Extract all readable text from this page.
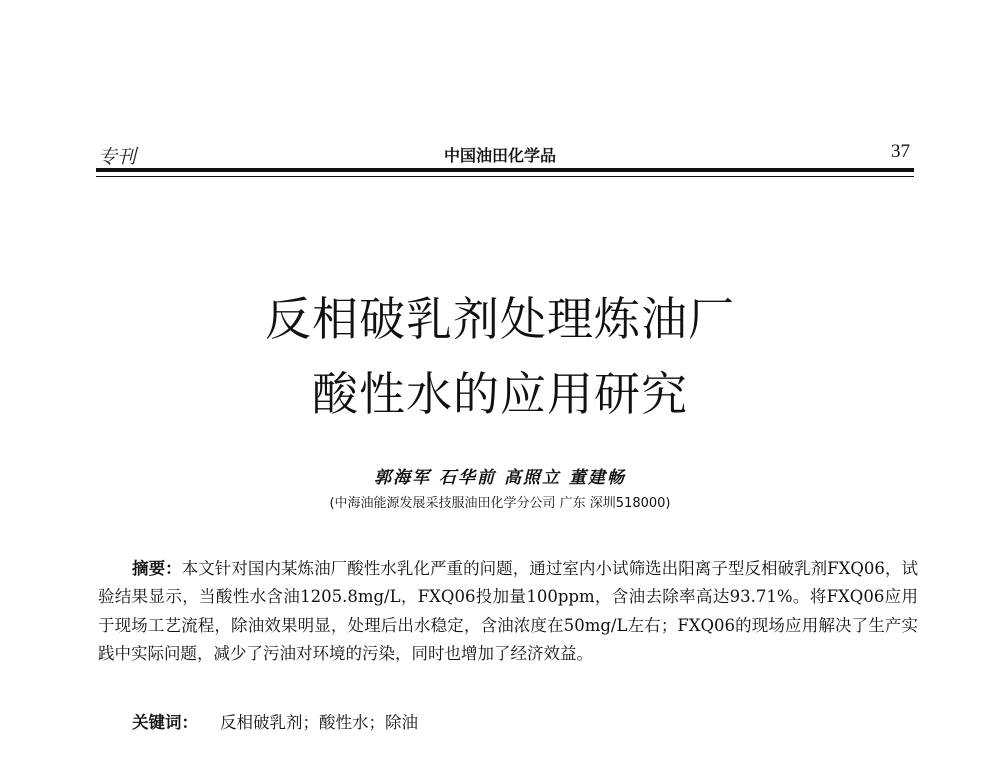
专刊	中国油田化学品	37
反相破乳剂处理炼油厂
酸性水的应用研究
郭海军 石华前 高照立 董建畅
(中海油能源发展采技服油田化学分公司 广东 深圳518000)
摘要：本文针对国内某炼油厂酸性水乳化严重的问题，通过室内小试筛选出阳离子型反相破乳剂FXQ06，试验结果显示，当酸性水含油1205.8mg/L，FXQ06投加量100ppm，含油去除率高达93.71%。将FXQ06应用于现场工艺流程，除油效果明显，处理后出水稳定，含油浓度在50mg/L左右；FXQ06的现场应用解决了生产实践中实际问题，减少了污油对环境的污染，同时也增加了经济效益。
关键词： 反相破乳剂；酸性水；除油
